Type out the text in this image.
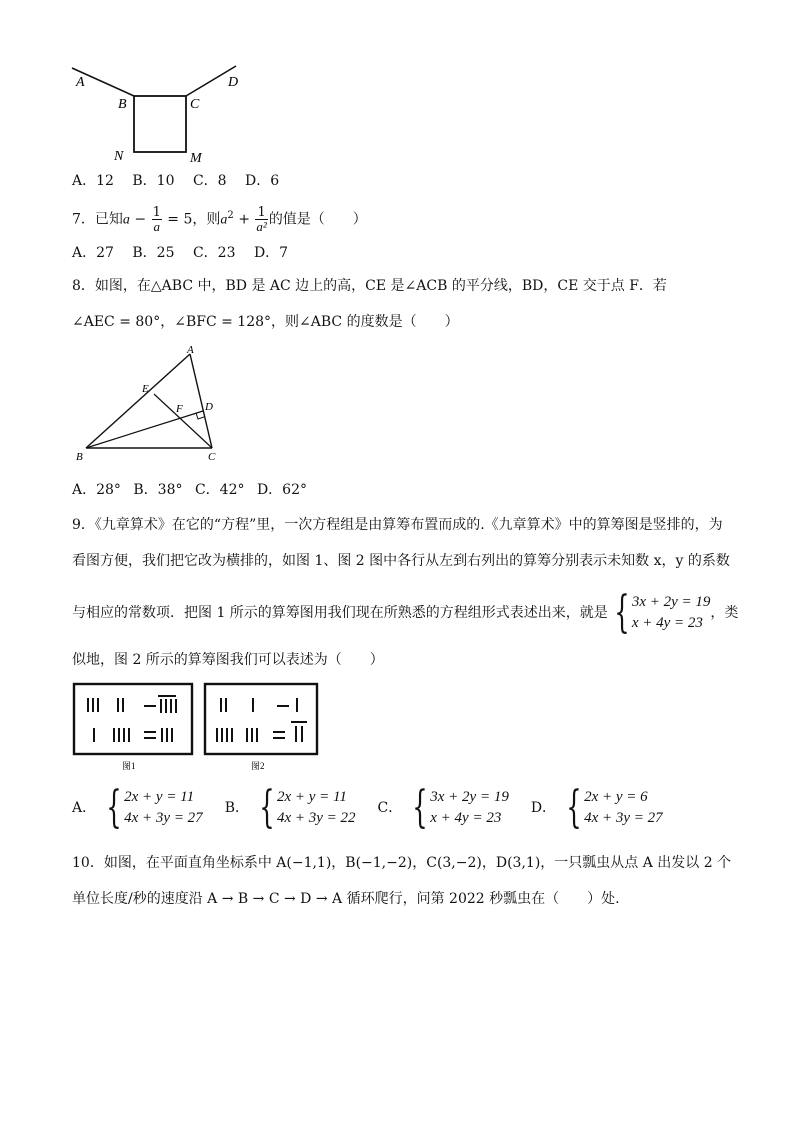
A
B	C
D
N	M
A．12 B．10 C．8 D．6
7．已知$a - \frac{1}{a} = 5$，则$a^2 + \frac{1}{\text{a²}}$ 的值是（　　）
A．27 B．25 C．23 D．7
8．如图，在△ABC 中，BD 是 AC 边上的高，CE 是∠ACB 的平分线，BD，CE 交于点 F．若
∠AEC = 80°，∠BFC = 128°，则∠ABC 的度数是（　　）
A
E
F D
B	C
A．28° B．38° C．42° D．62°
9．《九章算术》在它的“方程”里，一次方程组是由算筹布置而成的.《九章算术》中的算筹图是竖排的，为
看图方便，我们把它改为横排的，如图 1、图 2 图中各行从左到右列出的算筹分别表示未知数 x，y 的系数
与相应的常数项．把图 1 所示的算筹图用我们现在所熟悉的方程组形式表述出来，就是 { 3x + 2y = 19
x + 4y = 23
，类
似地，图 2 所示的算筹图我们可以表述为（　　）
图1	图2
A． { 2x + y = 11
4x + 3y = 27
B． { 2x + y = 11
4x + 3y = 22
C． { 3x + 2y = 19
x + 4y = 23
D． { 2x + y = 6
4x + 3y = 27
10．如图，在平面直角坐标系中 A(−1,1)，B(−1,−2)，C(3,−2)，D(3,1)，一只瓢虫从点 A 出发以 2 个
单位长度/秒的速度沿 A → B → C → D → A 循环爬行，问第 2022 秒瓢虫在（　　）处.
